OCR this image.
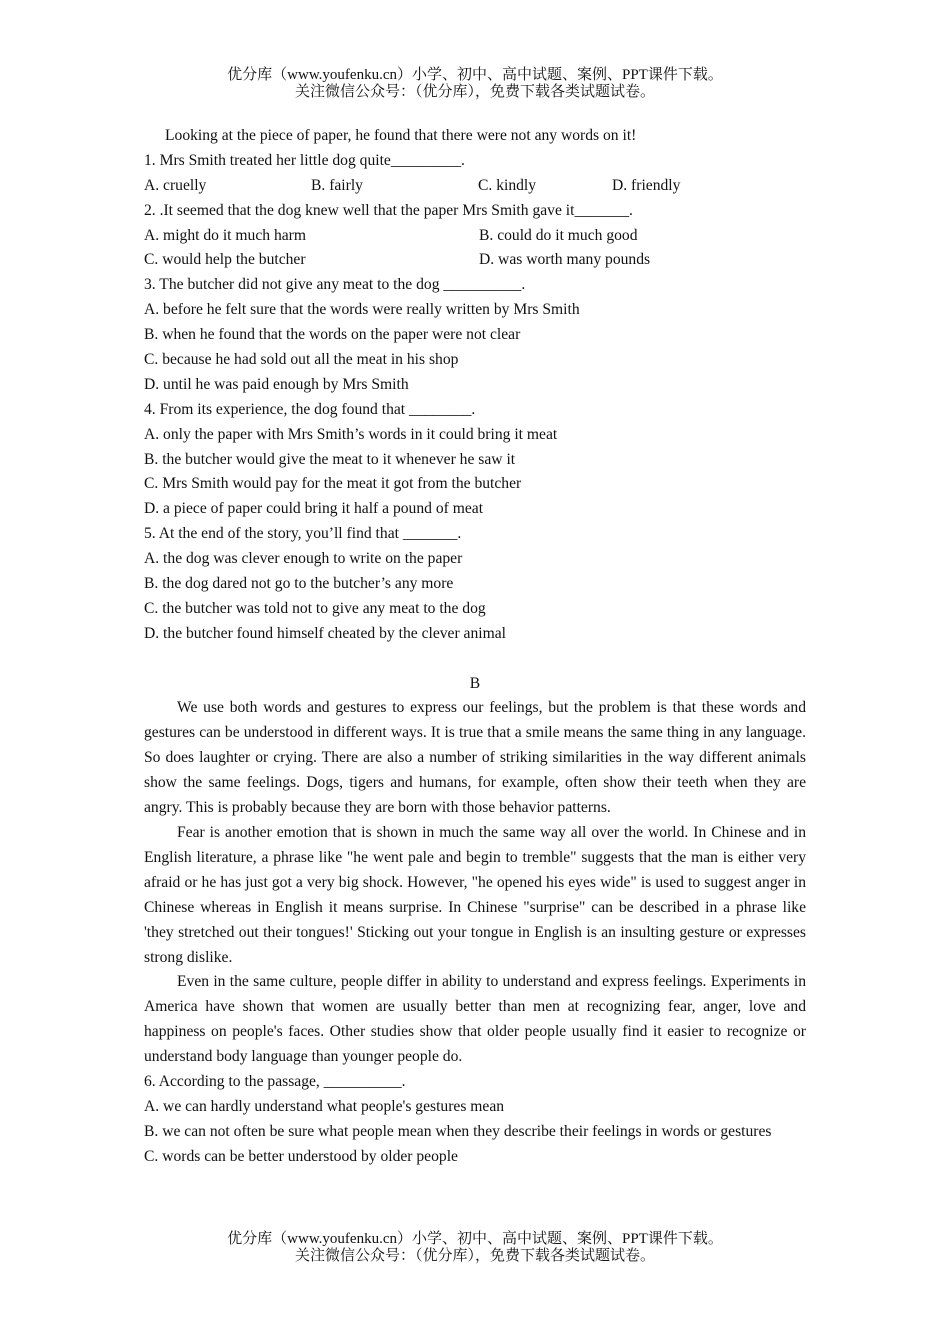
优分库（www.youfenku.cn）小学、初中、高中试题、案例、PPT课件下载。
关注微信公众号：（优分库），免费下载各类试题试卷。
Looking at the piece of paper, he found that there were not any words on it!
1. Mrs Smith treated her little dog quite_________.
A. cruelly	B. fairly	C. kindly	D. friendly
2. .It seemed that the dog knew well that the paper Mrs Smith gave it_______.
A. might do it much harm	B. could do it much good
C. would help the butcher	D. was worth many pounds
3. The butcher did not give any meat to the dog __________.
A. before he felt sure that the words were really written by Mrs Smith
B. when he found that the words on the paper were not clear
C. because he had sold out all the meat in his shop
D. until he was paid enough by Mrs Smith
4. From its experience, the dog found that ________.
A. only the paper with Mrs Smith’s words in it could bring it meat
B. the butcher would give the meat to it whenever he saw it
C. Mrs Smith would pay for the meat it got from the butcher
D. a piece of paper could bring it half a pound of meat
5. At the end of the story, you’ll find that _______.
A. the dog was clever enough to write on the paper
B. the dog dared not go to the butcher’s any more
C. the butcher was told not to give any meat to the dog
D. the butcher found himself cheated by the clever animal
B
We use both words and gestures to express our feelings, but the problem is that these words and gestures can be understood in different ways. It is true that a smile means the same thing in any language. So does laughter or crying. There are also a number of striking similarities in the way different animals show the same feelings. Dogs, tigers and humans, for example, often show their teeth when they are angry. This is probably because they are born with those behavior patterns.
Fear is another emotion that is shown in much the same way all over the world. In Chinese and in English literature, a phrase like "he went pale and begin to tremble" suggests that the man is either very afraid or he has just got a very big shock. However, "he opened his eyes wide" is used to suggest anger in Chinese whereas in English it means surprise. In Chinese "surprise" can be described in a phrase like 'they stretched out their tongues!' Sticking out your tongue in English is an insulting gesture or expresses strong dislike.
Even in the same culture, people differ in ability to understand and express feelings. Experiments in America have shown that women are usually better than men at recognizing fear, anger, love and happiness on people's faces. Other studies show that older people usually find it easier to recognize or understand body language than younger people do.
6. According to the passage, __________.
A. we can hardly understand what people's gestures mean
B. we can not often be sure what people mean when they describe their feelings in words or gestures
C. words can be better understood by older people
优分库（www.youfenku.cn）小学、初中、高中试题、案例、PPT课件下载。
关注微信公众号：（优分库），免费下载各类试题试卷。
